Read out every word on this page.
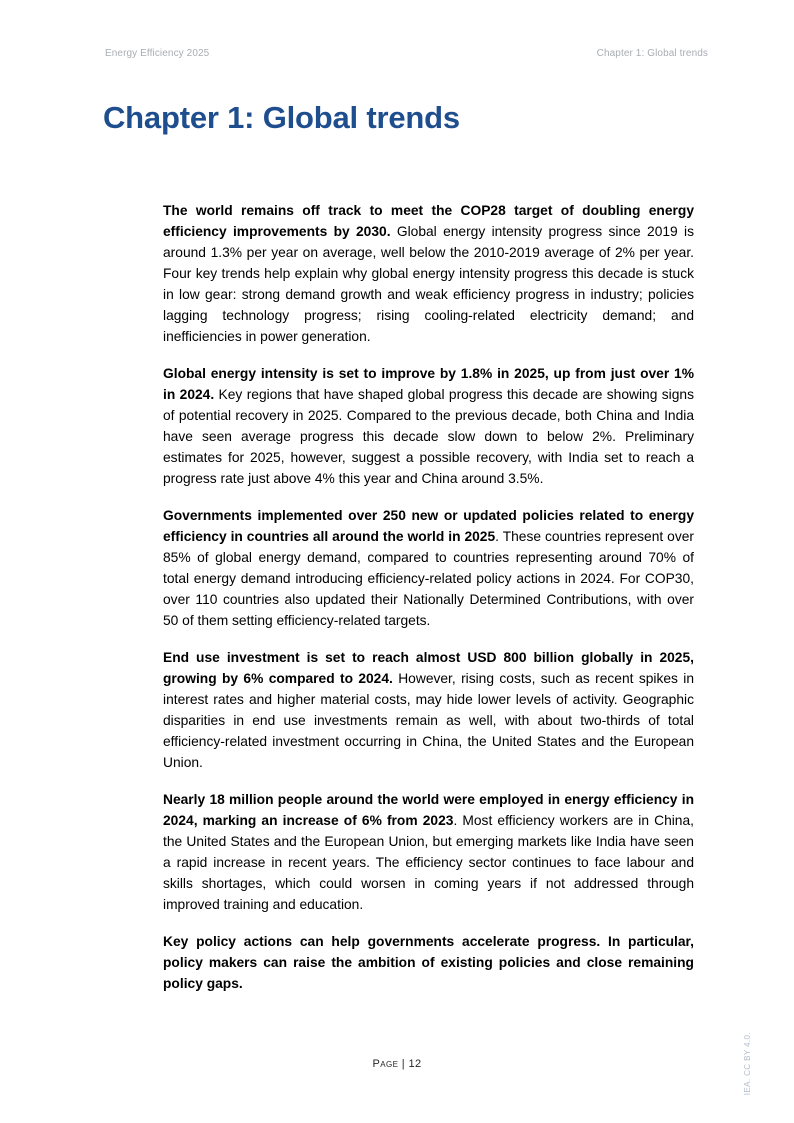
Energy Efficiency 2025	Chapter 1: Global trends
Chapter 1: Global trends

The world remains off track to meet the COP28 target of doubling energy efficiency improvements by 2030. Global energy intensity progress since 2019 is around 1.3% per year on average, well below the 2010-2019 average of 2% per year. Four key trends help explain why global energy intensity progress this decade is stuck in low gear: strong demand growth and weak efficiency progress in industry; policies lagging technology progress; rising cooling-related electricity demand; and inefficiencies in power generation.

Global energy intensity is set to improve by 1.8% in 2025, up from just over 1% in 2024. Key regions that have shaped global progress this decade are showing signs of potential recovery in 2025. Compared to the previous decade, both China and India have seen average progress this decade slow down to below 2%. Preliminary estimates for 2025, however, suggest a possible recovery, with India set to reach a progress rate just above 4% this year and China around 3.5%.

Governments implemented over 250 new or updated policies related to energy efficiency in countries all around the world in 2025. These countries represent over 85% of global energy demand, compared to countries representing around 70% of total energy demand introducing efficiency-related policy actions in 2024. For COP30, over 110 countries also updated their Nationally Determined Contributions, with over 50 of them setting efficiency-related targets.

End use investment is set to reach almost USD 800 billion globally in 2025, growing by 6% compared to 2024. However, rising costs, such as recent spikes in interest rates and higher material costs, may hide lower levels of activity. Geographic disparities in end use investments remain as well, with about two-thirds of total efficiency-related investment occurring in China, the United States and the European Union.

Nearly 18 million people around the world were employed in energy efficiency in 2024, marking an increase of 6% from 2023. Most efficiency workers are in China, the United States and the European Union, but emerging markets like India have seen a rapid increase in recent years. The efficiency sector continues to face labour and skills shortages, which could worsen in coming years if not addressed through improved training and education.

Key policy actions can help governments accelerate progress. In particular, policy makers can raise the ambition of existing policies and close remaining policy gaps.

Page | 12	IEA. CC BY 4.0.
